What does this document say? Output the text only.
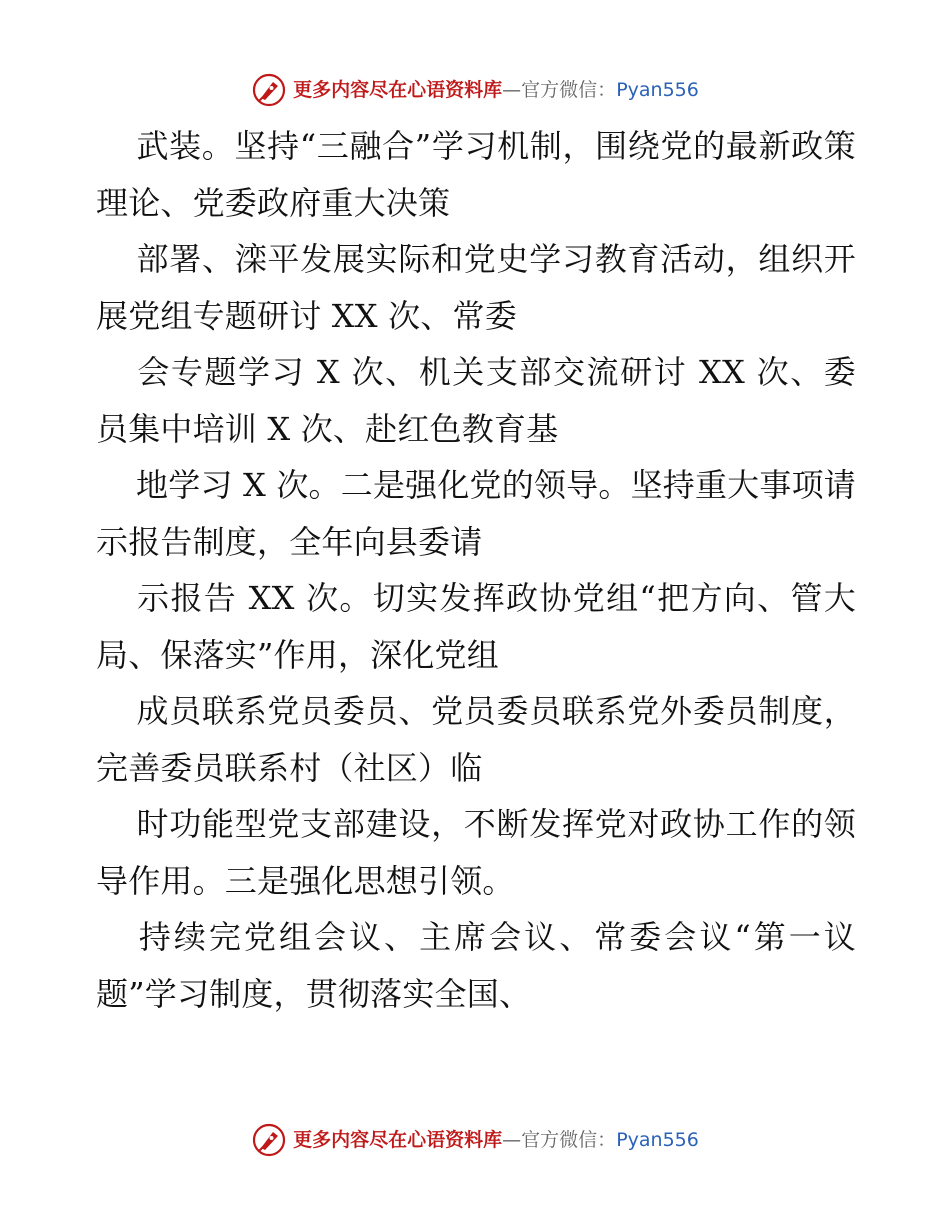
更多内容尽在心语资料库—官方微信：Pyan556

武装。坚持“三融合”学习机制，围绕党的最新政策理论、党委政府重大决策

部署、滦平发展实际和党史学习教育活动，组织开展党组专题研讨 XX 次、常委

会专题学习 X 次、机关支部交流研讨 XX 次、委员集中培训 X 次、赴红色教育基

地学习 X 次。二是强化党的领导。坚持重大事项请示报告制度，全年向县委请

示报告 XX 次。切实发挥政协党组“把方向、管大局、保落实”作用，深化党组

成员联系党员委员、党员委员联系党外委员制度，完善委员联系村（社区）临

时功能型党支部建设，不断发挥党对政协工作的领导作用。三是强化思想引领。

持续完党组会议、主席会议、常委会议“第一议题”学习制度，贯彻落实全国、

更多内容尽在心语资料库—官方微信：Pyan556
